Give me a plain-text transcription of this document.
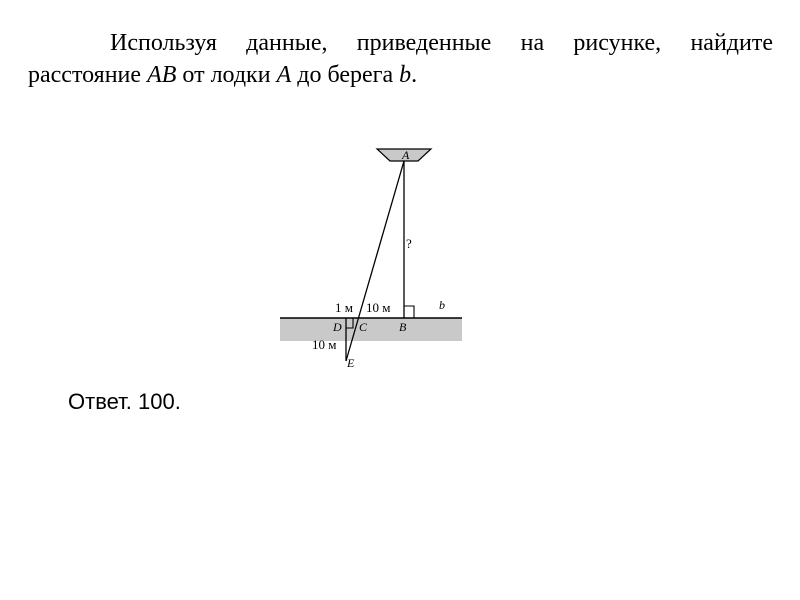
Используя данные, приведенные на рисунке, найдите расстояние AB от лодки A до берега b.

A
?
1 м 10 м	b
D C	B
10 м
E

Ответ. 100.
